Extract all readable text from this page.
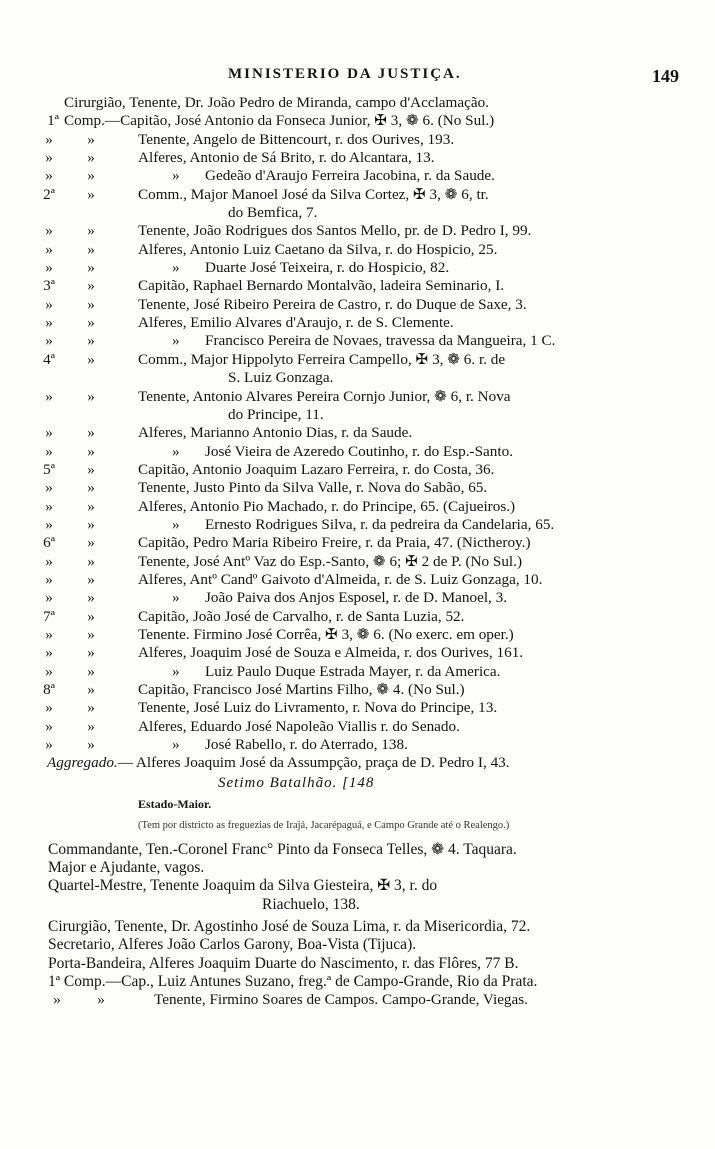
MINISTERIO DA JUSTIÇA.	149
Cirurgião, Tenente, Dr. João Pedro de Miranda, campo d'Acclamação.
1ª Comp.—Capitão, José Antonio da Fonseca Junior, ✠ 3, ❁ 6. (No Sul.)
»	»	Tenente, Angelo de Bittencourt, r. dos Ourives, 193.
»	»	Alferes, Antonio de Sá Brito, r. do Alcantara, 13.
»	»	» Gedeão d'Araujo Ferreira Jacobina, r. da Saude.
2ª	»	Comm., Major Manoel José da Silva Cortez, ✠ 3, ❁ 6, tr.
do Bemfica, 7.
»	»	Tenente, João Rodrigues dos Santos Mello, pr. de D. Pedro I, 99.
»	»	Alferes, Antonio Luiz Caetano da Silva, r. do Hospicio, 25.
»	»	» Duarte José Teixeira, r. do Hospicio, 82.
3ª	»	Capitão, Raphael Bernardo Montalvão, ladeira Seminario, I.
»	»	Tenente, José Ribeiro Pereira de Castro, r. do Duque de Saxe, 3.
»	»	Alferes, Emilio Alvares d'Araujo, r. de S. Clemente.
»	»	» Francisco Pereira de Novaes, travessa da Mangueira, 1 C.
4ª	»	Comm., Major Hippolyto Ferreira Campello, ✠ 3, ❁ 6. r. de
S. Luiz Gonzaga.
»	»	Tenente, Antonio Alvares Pereira Cornjo Junior, ❁ 6, r. Nova
do Principe, 11.
»	»	Alferes, Marianno Antonio Dias, r. da Saude.
»	»	» José Vieira de Azeredo Coutinho, r. do Esp.-Santo.
5ª	»	Capitão, Antonio Joaquim Lazaro Ferreira, r. do Costa, 36.
»	»	Tenente, Justo Pinto da Silva Valle, r. Nova do Sabão, 65.
»	»	Alferes, Antonio Pio Machado, r. do Principe, 65. (Cajueiros.)
»	»	» Ernesto Rodrigues Silva, r. da pedreira da Candelaria, 65.
6ª	»	Capitão, Pedro Maria Ribeiro Freire, r. da Praia, 47. (Nictheroy.)
»	»	Tenente, José Antº Vaz do Esp.-Santo, ❁ 6; ✠ 2 de P. (No Sul.)
»	»	Alferes, Antº Candº Gaivoto d'Almeida, r. de S. Luiz Gonzaga, 10.
»	»	» João Paiva dos Anjos Esposel, r. de D. Manoel, 3.
7ª	»	Capitão, João José de Carvalho, r. de Santa Luzia, 52.
»	»	Tenente. Firmino José Corrêa, ✠ 3, ❁ 6. (No exerc. em oper.)
»	»	Alferes, Joaquim José de Souza e Almeida, r. dos Ourives, 161.
»	»	» Luiz Paulo Duque Estrada Mayer, r. da America.
8ª	»	Capitão, Francisco José Martins Filho, ❁ 4. (No Sul.)
»	»	Tenente, José Luiz do Livramento, r. Nova do Principe, 13.
»	»	Alferes, Eduardo José Napoleão Viallis r. do Senado.
»	»	» José Rabello, r. do Aterrado, 138.
Aggregado.— Alferes Joaquim José da Assumpção, praça de D. Pedro I, 43.
Setimo Batalhão. [148
Estado-Maior.
(Tem por districto as freguezias de Irajá, Jacarépaguá, e Campo Grande até o Realengo.)
Commandante, Ten.-Coronel Franc° Pinto da Fonseca Telles, ❁ 4. Taquara.
Major e Ajudante, vagos.
Quartel-Mestre, Tenente Joaquim da Silva Giesteira, ✠ 3, r. do
Riachuelo, 138.
Cirurgião, Tenente, Dr. Agostinho José de Souza Lima, r. da Misericordia, 72.
Secretario, Alferes João Carlos Garony, Boa-Vista (Tijuca).
Porta-Bandeira, Alferes Joaquim Duarte do Nascimento, r. das Flôres, 77 B.
1ª Comp.—Cap., Luiz Antunes Suzano, freg.ª de Campo-Grande, Rio da Prata.
»	»	Tenente, Firmino Soares de Campos. Campo-Grande, Viegas.
